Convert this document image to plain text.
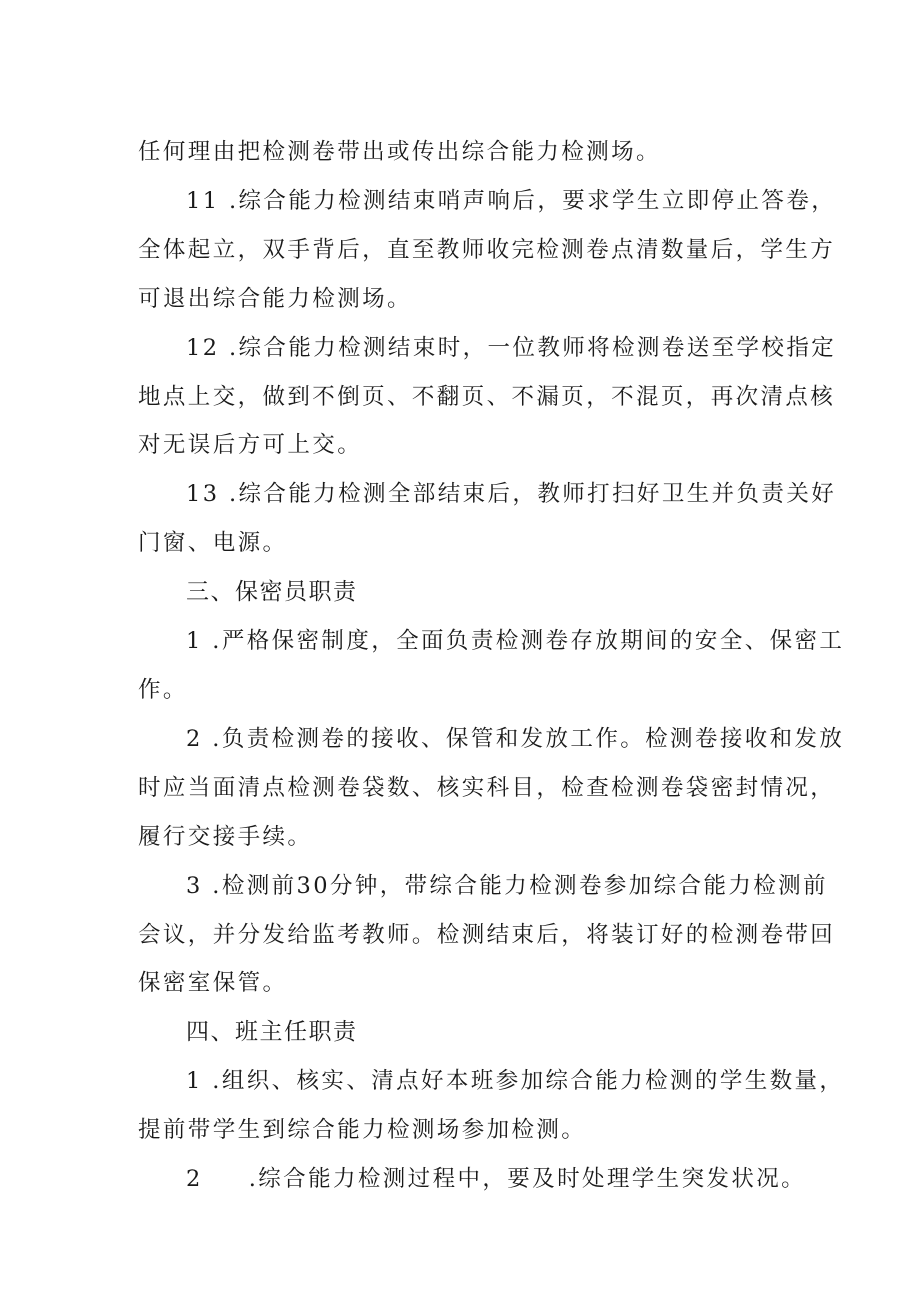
任何理由把检测卷带出或传出综合能力检测场。
11 .综合能力检测结束哨声响后，要求学生立即停止答卷，
全体起立，双手背后，直至教师收完检测卷点清数量后，学生方
可退出综合能力检测场。
12 .综合能力检测结束时，一位教师将检测卷送至学校指定
地点上交，做到不倒页、不翻页、不漏页，不混页，再次清点核
对无误后方可上交。
13 .综合能力检测全部结束后，教师打扫好卫生并负责关好
门窗、电源。
三、保密员职责
1 .严格保密制度，全面负责检测卷存放期间的安全、保密工
作。
2 .负责检测卷的接收、保管和发放工作。检测卷接收和发放
时应当面清点检测卷袋数、核实科目，检查检测卷袋密封情况，
履行交接手续。
3 .检测前30分钟，带综合能力检测卷参加综合能力检测前
会议，并分发给监考教师。检测结束后，将装订好的检测卷带回
保密室保管。
四、班主任职责
1 .组织、核实、清点好本班参加综合能力检测的学生数量，
提前带学生到综合能力检测场参加检测。
2 .综合能力检测过程中，要及时处理学生突发状况。
